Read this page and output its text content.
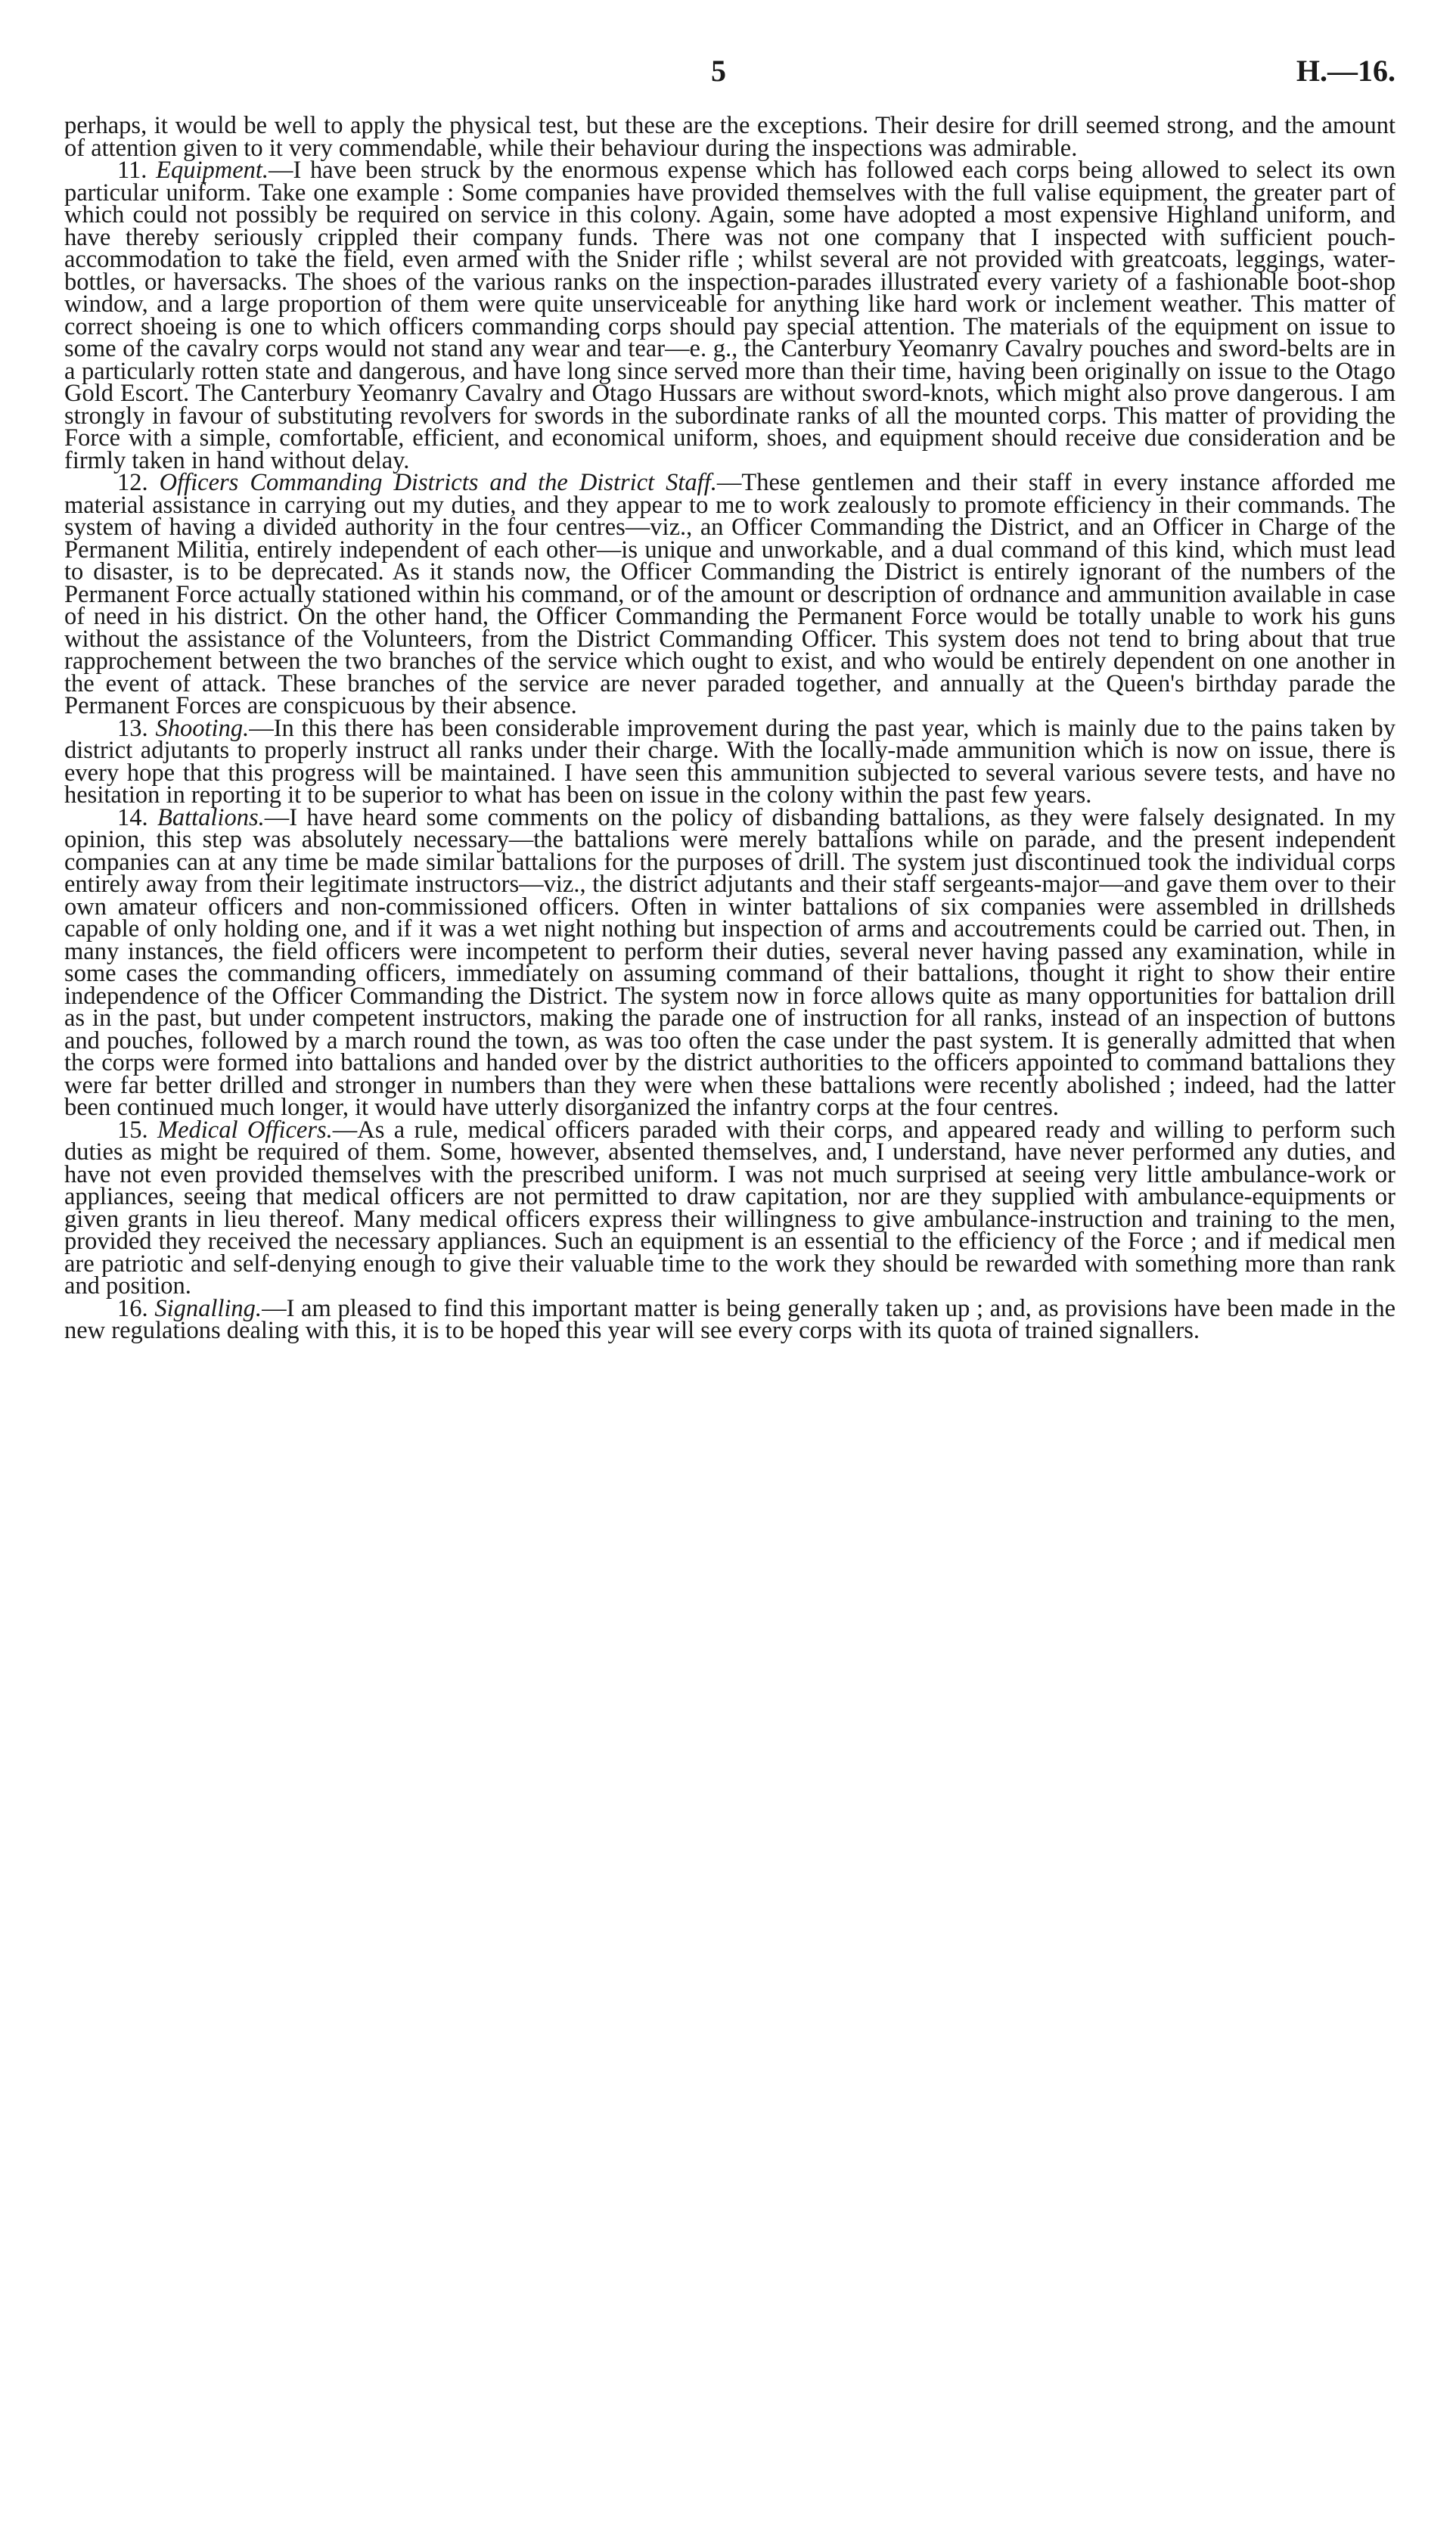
5	H.—16.

perhaps, it would be well to apply the physical test, but these are the exceptions. Their desire for drill seemed strong, and the amount of attention given to it very commendable, while their behaviour during the inspections was admirable.

11. Equipment.—I have been struck by the enormous expense which has followed each corps being allowed to select its own particular uniform. Take one example : Some companies have provided themselves with the full valise equipment, the greater part of which could not possibly be required on service in this colony. Again, some have adopted a most expensive Highland uniform, and have thereby seriously crippled their company funds. There was not one company that I inspected with sufficient pouch-accommodation to take the field, even armed with the Snider rifle ; whilst several are not provided with greatcoats, leggings, water-bottles, or haversacks. The shoes of the various ranks on the inspection-parades illustrated every variety of a fashionable boot-shop window, and a large proportion of them were quite unserviceable for anything like hard work or inclement weather. This matter of correct shoeing is one to which officers commanding corps should pay special attention. The materials of the equipment on issue to some of the cavalry corps would not stand any wear and tear—e. g., the Canterbury Yeomanry Cavalry pouches and sword-belts are in a particularly rotten state and dangerous, and have long since served more than their time, having been originally on issue to the Otago Gold Escort. The Canterbury Yeomanry Cavalry and Otago Hussars are without sword-knots, which might also prove dangerous. I am strongly in favour of substituting revolvers for swords in the subordinate ranks of all the mounted corps. This matter of providing the Force with a simple, comfortable, efficient, and economical uniform, shoes, and equipment should receive due consideration and be firmly taken in hand without delay.

12. Officers Commanding Districts and the District Staff.—These gentlemen and their staff in every instance afforded me material assistance in carrying out my duties, and they appear to me to work zealously to promote efficiency in their commands. The system of having a divided authority in the four centres—viz., an Officer Commanding the District, and an Officer in Charge of the Permanent Militia, entirely independent of each other—is unique and unworkable, and a dual command of this kind, which must lead to disaster, is to be deprecated. As it stands now, the Officer Commanding the District is entirely ignorant of the numbers of the Permanent Force actually stationed within his command, or of the amount or description of ordnance and ammunition available in case of need in his district. On the other hand, the Officer Commanding the Permanent Force would be totally unable to work his guns without the assistance of the Volunteers, from the District Commanding Officer. This system does not tend to bring about that true rapprochement between the two branches of the service which ought to exist, and who would be entirely dependent on one another in the event of attack. These branches of the service are never paraded together, and annually at the Queen's birthday parade the Permanent Forces are conspicuous by their absence.

13. Shooting.—In this there has been considerable improvement during the past year, which is mainly due to the pains taken by district adjutants to properly instruct all ranks under their charge. With the locally-made ammunition which is now on issue, there is every hope that this progress will be maintained. I have seen this ammunition subjected to several various severe tests, and have no hesitation in reporting it to be superior to what has been on issue in the colony within the past few years.

14. Battalions.—I have heard some comments on the policy of disbanding battalions, as they were falsely designated. In my opinion, this step was absolutely necessary—the battalions were merely battalions while on parade, and the present independent companies can at any time be made similar battalions for the purposes of drill. The system just discontinued took the individual corps entirely away from their legitimate instructors—viz., the district adjutants and their staff sergeants-major—and gave them over to their own amateur officers and non-commissioned officers. Often in winter battalions of six companies were assembled in drillsheds capable of only holding one, and if it was a wet night nothing but inspection of arms and accoutrements could be carried out. Then, in many instances, the field officers were incompetent to perform their duties, several never having passed any examination, while in some cases the commanding officers, immediately on assuming command of their battalions, thought it right to show their entire independence of the Officer Commanding the District. The system now in force allows quite as many opportunities for battalion drill as in the past, but under competent instructors, making the parade one of instruction for all ranks, instead of an inspection of buttons and pouches, followed by a march round the town, as was too often the case under the past system. It is generally admitted that when the corps were formed into battalions and handed over by the district authorities to the officers appointed to command battalions they were far better drilled and stronger in numbers than they were when these battalions were recently abolished ; indeed, had the latter been continued much longer, it would have utterly disorganized the infantry corps at the four centres.

15. Medical Officers.—As a rule, medical officers paraded with their corps, and appeared ready and willing to perform such duties as might be required of them. Some, however, absented themselves, and, I understand, have never performed any duties, and have not even provided themselves with the prescribed uniform. I was not much surprised at seeing very little ambulance-work or appliances, seeing that medical officers are not permitted to draw capitation, nor are they supplied with ambulance-equipments or given grants in lieu thereof. Many medical officers express their willingness to give ambulance-instruction and training to the men, provided they received the necessary appliances. Such an equipment is an essential to the efficiency of the Force ; and if medical men are patriotic and self-denying enough to give their valuable time to the work they should be rewarded with something more than rank and position.

16. Signalling.—I am pleased to find this important matter is being generally taken up ; and, as provisions have been made in the new regulations dealing with this, it is to be hoped this year will see every corps with its quota of trained signallers.
